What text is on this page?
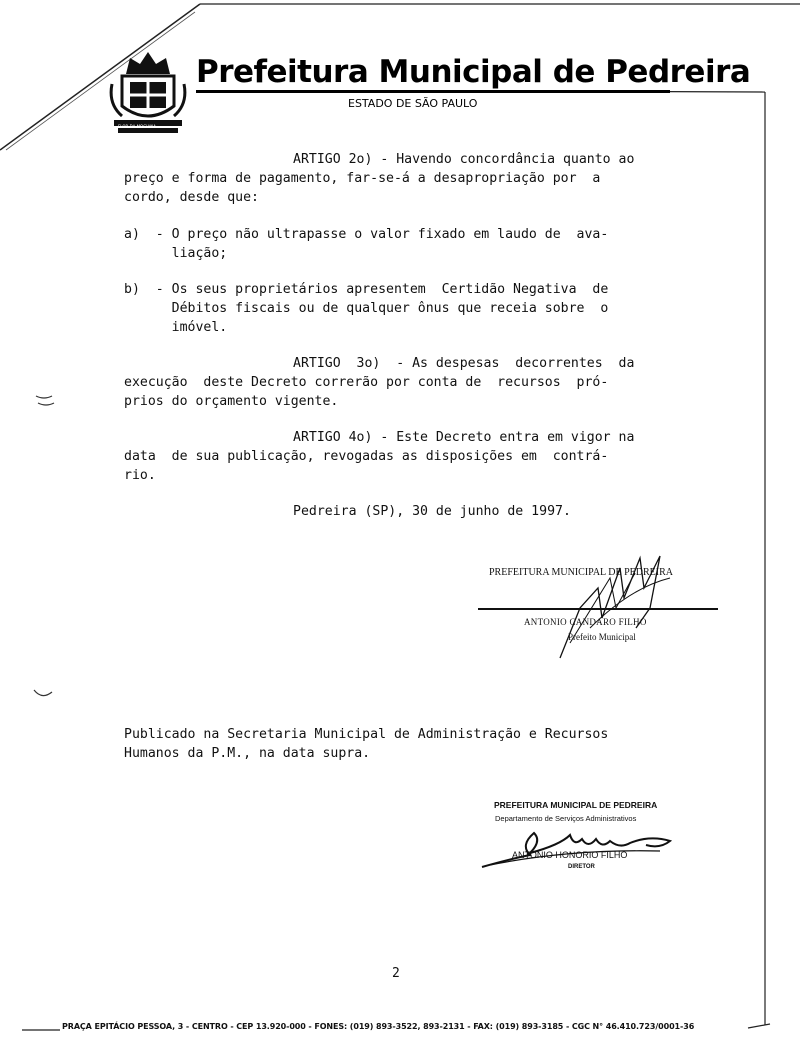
FLOR DA MOGIANA
Prefeitura Municipal de Pedreira
ESTADO DE SÃO PAULO
ARTIGO 2o) - Havendo concordância quanto ao
preço e forma de pagamento, far-se-á a desapropriação por  a
cordo, desde que:
a)  - O preço não ultrapasse o valor fixado em laudo de  ava-
liação;
b)  - Os seus proprietários apresentem  Certidão Negativa  de
Débitos fiscais ou de qualquer ônus que receia sobre  o
imóvel.
ARTIGO  3o)  - As despesas  decorrentes  da
execução  deste Decreto correrão por conta de  recursos  pró-
prios do orçamento vigente.
ARTIGO 4o) - Este Decreto entra em vigor na
data  de sua publicação, revogadas as disposições em  contrá-
rio.
Pedreira (SP), 30 de junho de 1997.
Publicado na Secretaria Municipal de Administração e Recursos
Humanos da P.M., na data supra.
PREFEITURA MUNICIPAL DE PEDREIRA
ANTONIO CANDARO FILHO
Prefeito Municipal
PREFEITURA MUNICIPAL DE PEDREIRA
Departamento de Serviços Administrativos
ANTONIO HONORIO FILHO
DIRETOR
2
PRAÇA EPITÁCIO PESSOA, 3 - CENTRO - CEP 13.920-000 - FONES: (019) 893-3522, 893-2131 - FAX: (019) 893-3185 - CGC N° 46.410.723/0001-36
